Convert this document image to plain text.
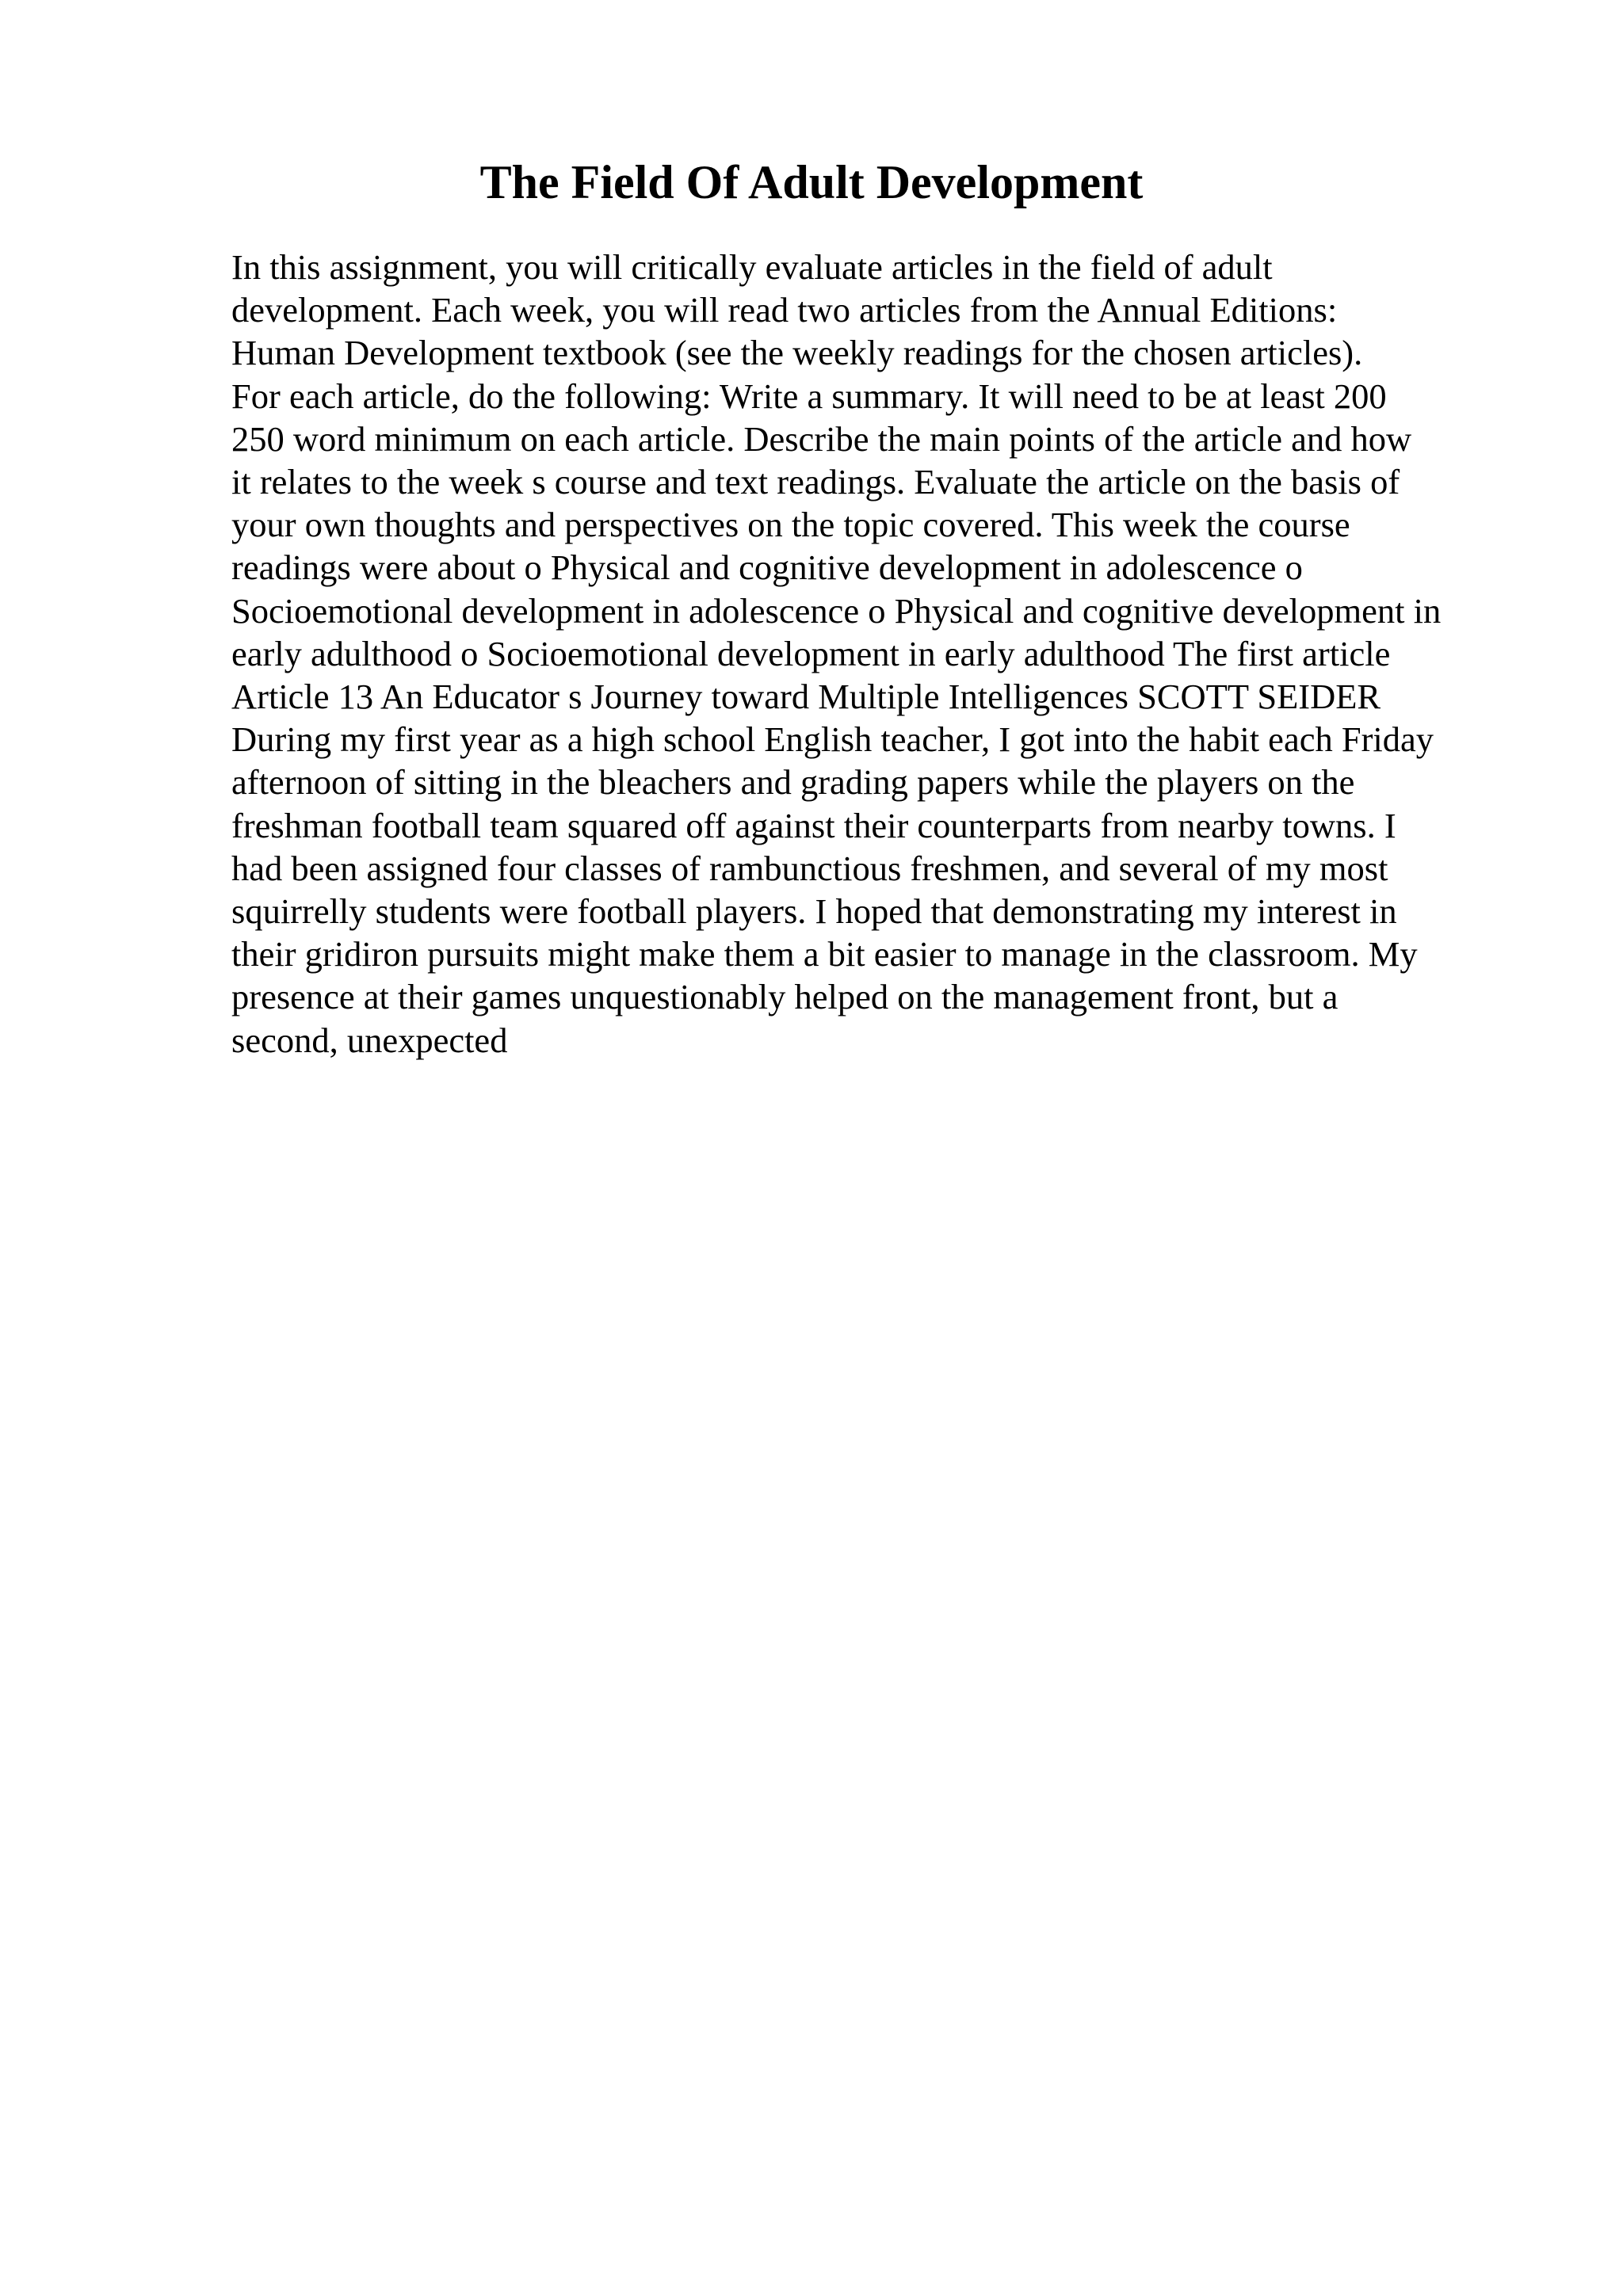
The Field Of Adult Development
In this assignment, you will critically evaluate articles in the field of adult
development. Each week, you will read two articles from the Annual Editions:
Human Development textbook (see the weekly readings for the chosen articles).
For each article, do the following: Write a summary. It will need to be at least 200
250 word minimum on each article. Describe the main points of the article and how
it relates to the week s course and text readings. Evaluate the article on the basis of
your own thoughts and perspectives on the topic covered. This week the course
readings were about o Physical and cognitive development in adolescence o
Socioemotional development in adolescence o Physical and cognitive development in
early adulthood o Socioemotional development in early adulthood The first article
Article 13 An Educator s Journey toward Multiple Intelligences SCOTT SEIDER
During my first year as a high school English teacher, I got into the habit each Friday
afternoon of sitting in the bleachers and grading papers while the players on the
freshman football team squared off against their counterparts from nearby towns. I
had been assigned four classes of rambunctious freshmen, and several of my most
squirrelly students were football players. I hoped that demonstrating my interest in
their gridiron pursuits might make them a bit easier to manage in the classroom. My
presence at their games unquestionably helped on the management front, but a
second, unexpected
